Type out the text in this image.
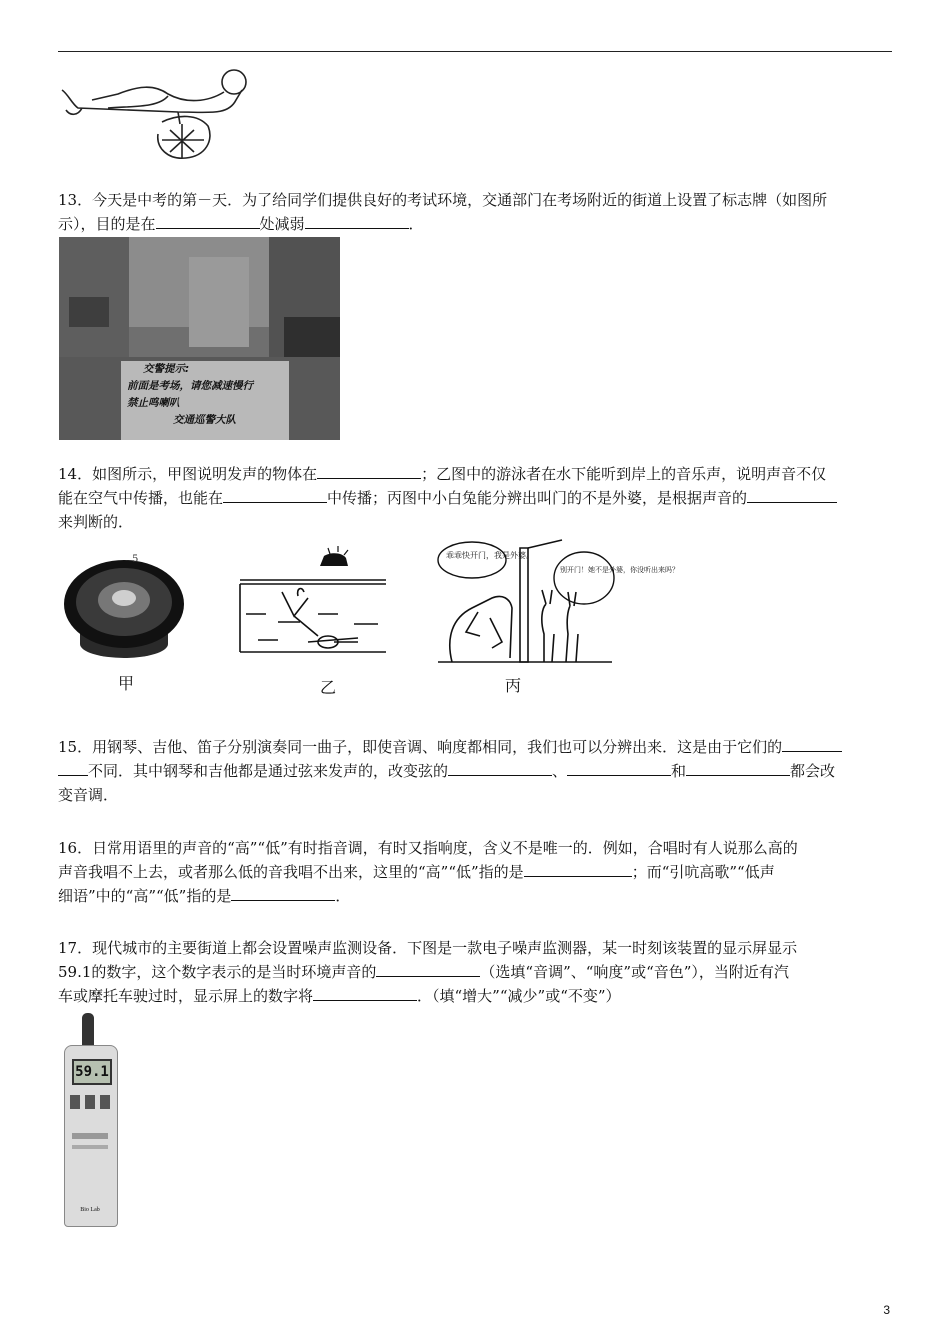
13．今天是中考的第－天．为了给同学们提供良好的考试环境，交通部门在考场附近的街道上设置了标志牌（如图所
示），目的是在	处减弱	．
交警提示:
前面是考场，请您减速慢行
禁止鸣喇叭
交通巡警大队
14．如图所示，甲图说明发声的物体在	；乙图中的游泳者在水下能听到岸上的音乐声，说明声音不仅
能在空气中传播，也能在	中传播；丙图中小白兔能分辨出叫门的不是外婆，是根据声音的
来判断的．
5
甲	乙
乖乖快开门，我是外婆。
别开门！她不是外婆，你没听出来吗？
丙
15．用钢琴、吉他、笛子分别演奏同一曲子，即使音调、响度都相同，我们也可以分辨出来．这是由于它们的
不同．其中钢琴和吉他都是通过弦来发声的，改变弦的	、	和	都会改
变音调．
16．日常用语里的声音的“高”“低”有时指音调，有时又指响度，含义不是唯一的．例如，合唱时有人说那么高的
声音我唱不上去，或者那么低的音我唱不出来，这里的“高”“低”指的是	；而“引吭高歌”“低声
细语”中的“高”“低”指的是	．
17．现代城市的主要街道上都会设置噪声监测设备．下图是一款电子噪声监测器，某一时刻该装置的显示屏显示
59.1的数字，这个数字表示的是当时环境声音的	（选填“音调”、“响度”或“音色”），当附近有汽
车或摩托车驶过时，显示屏上的数字将	．（填“增大”“减少”或“不变”）
59.1
Bio Lab
3
